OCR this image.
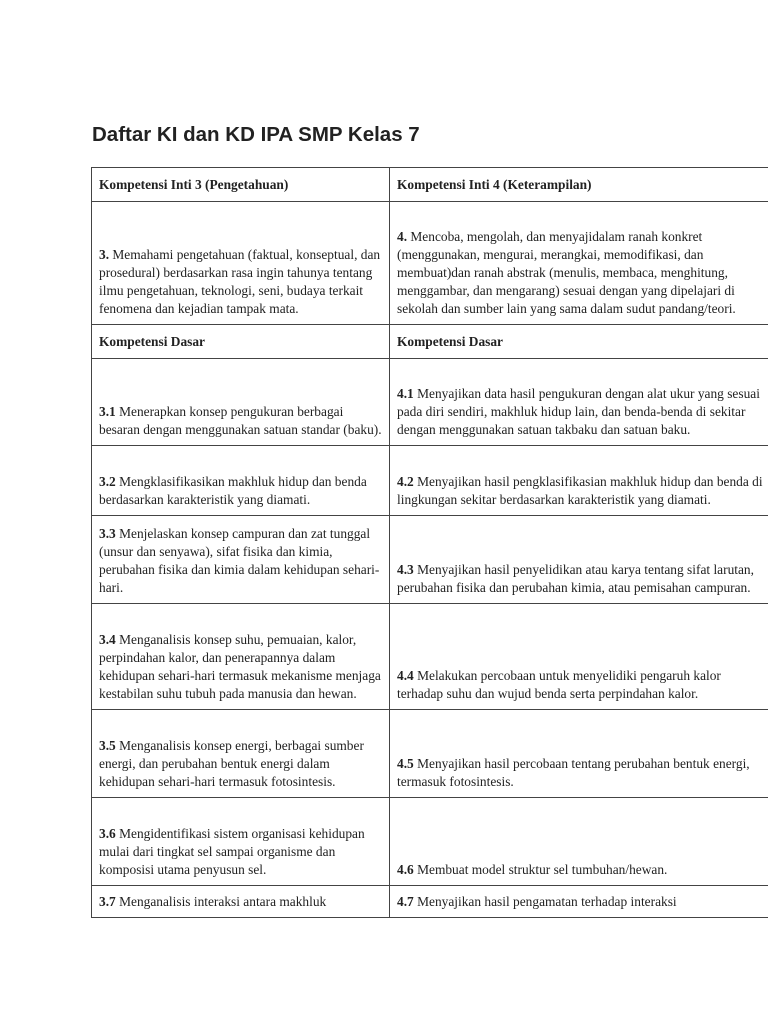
Daftar KI dan KD IPA SMP Kelas 7
Kompetensi Inti 3 (Pengetahuan)	Kompetensi Inti 4 (Keterampilan)
3. Memahami pengetahuan (faktual, konseptual, dan prosedural) berdasarkan rasa ingin tahunya tentang ilmu pengetahuan, teknologi, seni, budaya terkait fenomena dan kejadian tampak mata.	4. Mencoba, mengolah, dan menyajidalam ranah konkret (menggunakan, mengurai, merangkai, memodifikasi, dan membuat)dan ranah abstrak (menulis, membaca, menghitung, menggambar, dan mengarang) sesuai dengan yang dipelajari di sekolah dan sumber lain yang sama dalam sudut pandang/teori.
Kompetensi Dasar	Kompetensi Dasar
3.1 Menerapkan konsep pengukuran berbagai besaran dengan menggunakan satuan standar (baku).	4.1 Menyajikan data hasil pengukuran dengan alat ukur yang sesuai pada diri sendiri, makhluk hidup lain, dan benda-benda di sekitar dengan menggunakan satuan takbaku dan satuan baku.
3.2 Mengklasifikasikan makhluk hidup dan benda berdasarkan karakteristik yang diamati.	4.2 Menyajikan hasil pengklasifikasian makhluk hidup dan benda di lingkungan sekitar berdasarkan karakteristik yang diamati.
3.3 Menjelaskan konsep campuran dan zat tunggal (unsur dan senyawa), sifat fisika dan kimia, perubahan fisika dan kimia dalam kehidupan sehari-hari.	4.3 Menyajikan hasil penyelidikan atau karya tentang sifat larutan, perubahan fisika dan perubahan kimia, atau pemisahan campuran.
3.4 Menganalisis konsep suhu, pemuaian, kalor, perpindahan kalor, dan penerapannya dalam kehidupan sehari-hari termasuk mekanisme menjaga kestabilan suhu tubuh pada manusia dan hewan.	4.4 Melakukan percobaan untuk menyelidiki pengaruh kalor terhadap suhu dan wujud benda serta perpindahan kalor.
3.5 Menganalisis konsep energi, berbagai sumber energi, dan perubahan bentuk energi dalam kehidupan sehari-hari termasuk fotosintesis.	4.5 Menyajikan hasil percobaan tentang perubahan bentuk energi, termasuk fotosintesis.
3.6 Mengidentifikasi sistem organisasi kehidupan mulai dari tingkat sel sampai organisme dan komposisi utama penyusun sel.	4.6 Membuat model struktur sel tumbuhan/hewan.
3.7 Menganalisis interaksi antara makhluk	4.7 Menyajikan hasil pengamatan terhadap interaksi
